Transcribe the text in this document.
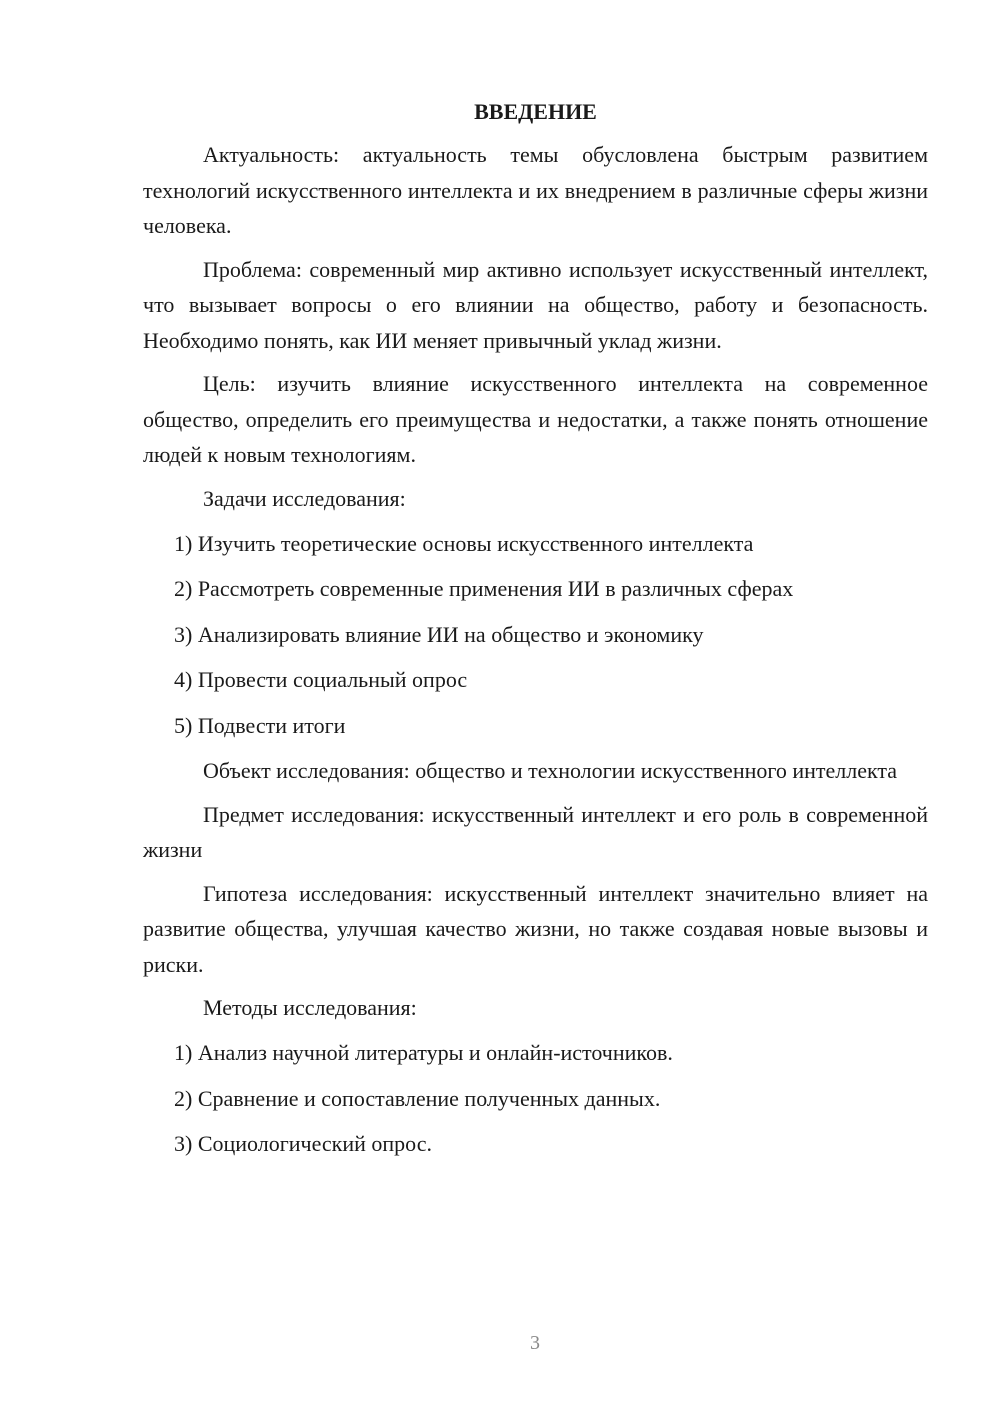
ВВЕДЕНИЕ

Актуальность: актуальность темы обусловлена быстрым развитием технологий искусственного интеллекта и их внедрением в различные сферы жизни человека.

Проблема: современный мир активно использует искусственный интеллект, что вызывает вопросы о его влиянии на общество, работу и безопасность. Необходимо понять, как ИИ меняет привычный уклад жизни.

Цель: изучить влияние искусственного интеллекта на современное общество, определить его преимущества и недостатки, а также понять отношение людей к новым технологиям.

Задачи исследования:

1) Изучить теоретические основы искусственного интеллекта

2) Рассмотреть современные применения ИИ в различных сферах

3) Анализировать влияние ИИ на общество и экономику

4) Провести социальный опрос

5) Подвести итоги

Объект исследования: общество и технологии искусственного интеллекта

Предмет исследования: искусственный интеллект и его роль в современной жизни

Гипотеза исследования: искусственный интеллект значительно влияет на развитие общества, улучшая качество жизни, но также создавая новые вызовы и риски.

Методы исследования:

1) Анализ научной литературы и онлайн-источников.

2) Сравнение и сопоставление полученных данных.

3) Социологический опрос.

3
